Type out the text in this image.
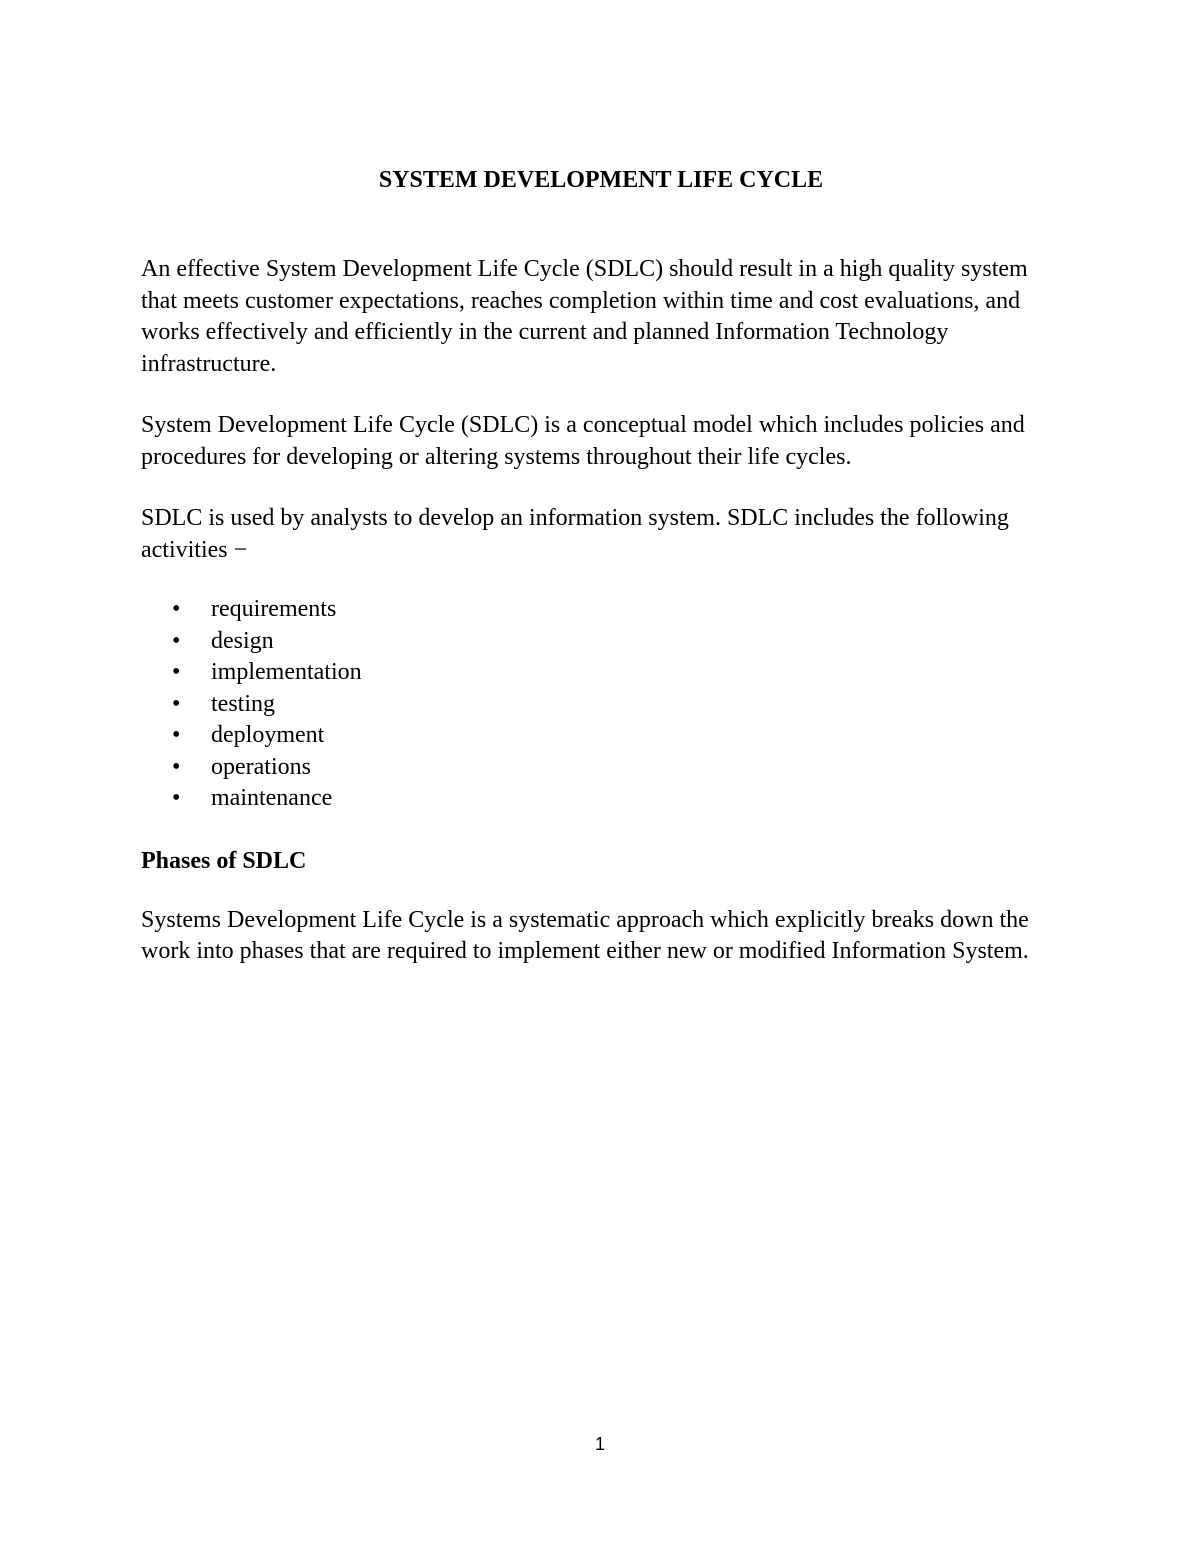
SYSTEM DEVELOPMENT LIFE CYCLE

An effective System Development Life Cycle (SDLC) should result in a high quality system that meets customer expectations, reaches completion within time and cost evaluations, and works effectively and efficiently in the current and planned Information Technology infrastructure.

System Development Life Cycle (SDLC) is a conceptual model which includes policies and procedures for developing or altering systems throughout their life cycles.

SDLC is used by analysts to develop an information system. SDLC includes the following activities −

• requirements
• design
• implementation
• testing
• deployment
• operations
• maintenance
Phases of SDLC

Systems Development Life Cycle is a systematic approach which explicitly breaks down the work into phases that are required to implement either new or modified Information System.

1
